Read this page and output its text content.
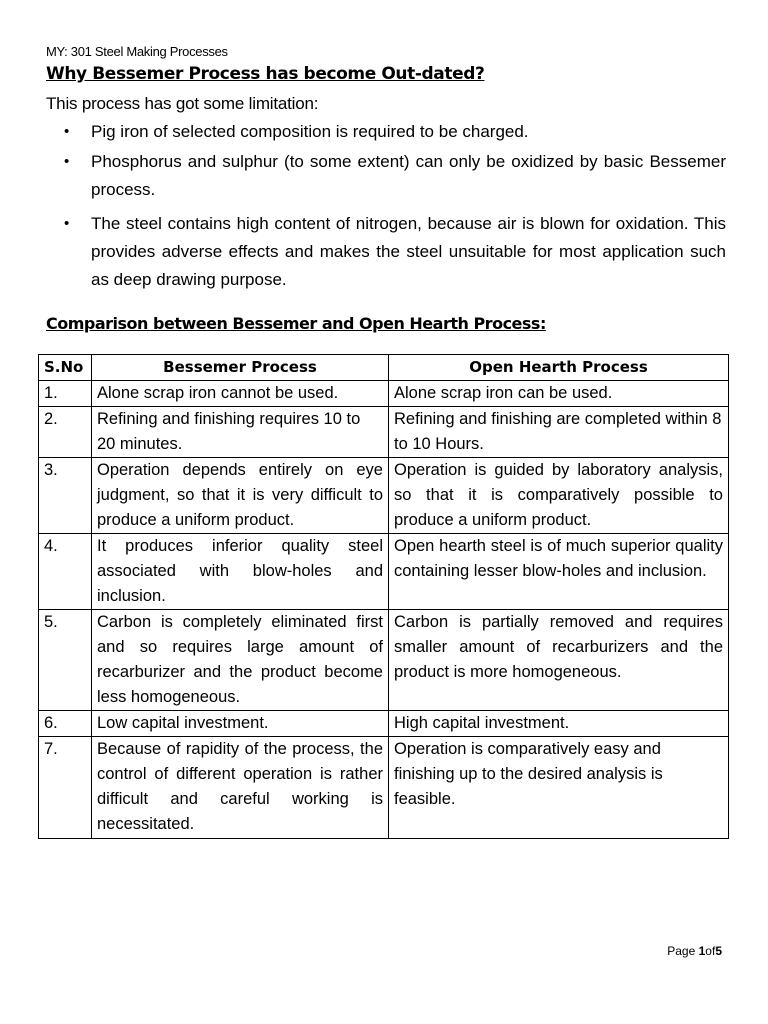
MY: 301 Steel Making Processes
Why Bessemer Process has become Out-dated?
This process has got some limitation:
• Pig iron of selected composition is required to be charged.
• Phosphorus and sulphur (to some extent) can only be oxidized by basic Bessemer process.
• The steel contains high content of nitrogen, because air is blown for oxidation. This provides adverse effects and makes the steel unsuitable for most application such as deep drawing purpose.
Comparison between Bessemer and Open Hearth Process:
S.No	Bessemer Process	Open Hearth Process
1.	Alone scrap iron cannot be used.	Alone scrap iron can be used.
2.	Refining and finishing requires 10 to 20 minutes.	Refining and finishing are completed within 8 to 10 Hours.
3.	Operation depends entirely on eye judgment, so that it is very difficult to produce a uniform product.	Operation is guided by laboratory analysis, so that it is comparatively possible to produce a uniform product.
4.	It produces inferior quality steel associated with blow-holes and inclusion.	Open hearth steel is of much superior quality containing lesser blow-holes and inclusion.
5.	Carbon is completely eliminated first and so requires large amount of recarburizer and the product become less homogeneous.	Carbon is partially removed and requires smaller amount of recarburizers and the product is more homogeneous.
6.	Low capital investment.	High capital investment.
7.	Because of rapidity of the process, the control of different operation is rather difficult and careful working is necessitated.	Operation is comparatively easy and finishing up to the desired analysis is feasible.
Page 1of5
